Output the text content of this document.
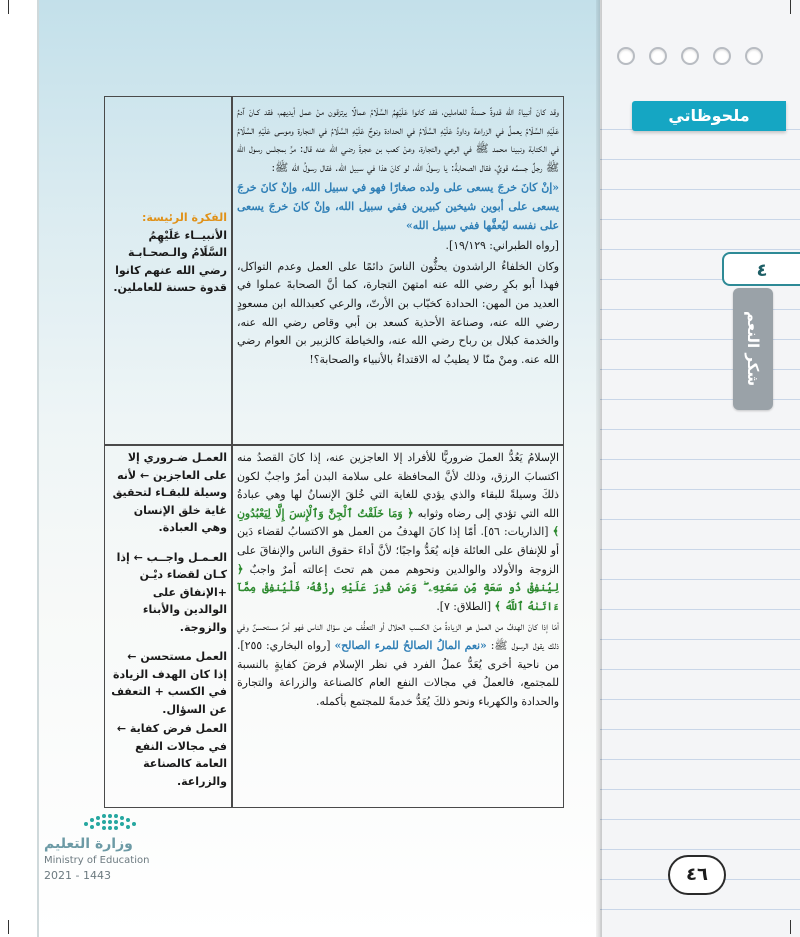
ملحوظاتي
٤
شكر النعم

وقد كانَ أنبياءُ الله قدوةً حسنةً للعاملين، فقد كانوا عَلَيْهِمُ السَّلَامُ عمالًا يرتزقون منْ عمل أيديهم، فقد كـانَ آدمُ عَلَيْهِ السَّلَامُ يعملُ في الزراعة وداودُ عَلَيْهِ السَّلَامُ في الحدادة ونوحٌ عَلَيْهِ السَّلَامُ في النجارة وموسى عَلَيْهِ السَّلَامُ في الكتابة ونبينا محمد ﷺ في الرعي والتجارة، وعنْ كعب بن عجرةَ رضي الله عنه قال: مرَّ بمجلس رسول الله ﷺ رجلٌ جسمُه قويٌ، فقال الصحابةُ: يا رسولَ الله، لو كانَ هذا في سبيل الله. فقال رسولُ الله ﷺ:

«إنْ كانَ خرجَ يسعى على ولده صغارًا فهو في سبيل الله، وإنْ كانَ خرجَ يسعى على أبوين شيخين كبيرين ففي سبيل الله، وإنْ كانَ خرجَ يسعى على نفسه ليُعفَّها ففي سبيل الله»

[رواه الطبراني: ١٩/١٢٩].

وكان الخلفاءُ الراشدون يحثُّون الناسَ دائمًا على العمل وعدم التواكل، فهذا أبو بكرٍ رضي الله عنه امتهنَ التجارة، كما أنَّ الصحابةَ عملوا في العديد من المهن: الحدادة كخبّاب بن الأرتّ، والرعي كعبدالله ابن مسعودٍ رضي الله عنه، وصناعة الأحذية كسعد بن أبي وقاص رضي الله عنه، والخدمة كبلال بن رباح رضي الله عنه، والخياطة كالزبير بن العوام رضي الله عنه. ومنْ منّا لا يطيبُ له الاقتداءُ بالأنبياء والصحابة؟!

الفكرة الرئيسة:
الأنبيــاء عَلَيْهِمُ السَّلَامُ والـصحـابـة رضي الله عنهم كانوا قدوة حسنة للعاملين.
الإسلامُ يَعُدُّ العملَ ضروريًّا للأفراد إلا العاجزين عنه، إذا كانَ القصدُ منه اكتسابَ الرزق، وذلك لأنَّ المحافظة على سلامة البدن أمرٌ واجبٌ لكون ذلكَ وسيلةً للبقاء والذي يؤدي للغاية التي خُلقَ الإنسانُ لها وهي عبادةُ الله التي تؤدي إلى رضاه وثوابه ﴿ وَمَا خَلَقْتُ ٱلْجِنَّ وَٱلْإِنسَ إِلَّا لِيَعْبُدُونِ ﴾ [الذاريات: ٥٦]. أمّا إذا كانَ الهدفُ من العمل هو الاكتسابُ لقضاء دَين أو للإنفاق على العائلة فإنه يُعَدُّ واجبًا؛ لأنَّ أداءَ حقوق الناس والإنفاقَ على الزوجة والأولاد والوالدين ونحوهم ممن هم تحتَ إعالته أمرٌ واجبٌ ﴿ لِيُنفِقْ ذُو سَعَةٍ مِّن سَعَتِهِۦ ۖ وَمَن قُدِرَ عَلَيْهِ رِزْقُهُۥ فَلْيُنفِقْ مِمَّآ ءَاتَىٰهُ ٱللَّهُ ﴾ [الطلاق: ٧].
أمّا إذا كانَ الهدفُ من العمل هو الزيادةُ منَ الكسب الحلال أو التعفُّف عن سؤال الناس فهو أمرٌ مستحسنٌ وفي ذلك يقول الرسول ﷺ: «نعم المالُ الصالحُ للمرء الصالح» [رواه البخاري: ٢٥٥]. من ناحية أخرى يُعَدُّ عملُ الفرد في نظر الإسلام فرضَ كفايةٍ بالنسبة للمجتمع، فالعملُ في مجالات النفع العام كالصناعة والزراعة والتجارة والحدادة والكهرباء ونحو ذلكَ يُعَدُّ خدمةً للمجتمع بأكمله.

العمـل ضـروري إلا على العاجزين ← لأنه وسيلة للبقـاء لتحقيق غاية خلق الإنسان وهي العبادة.

العـمـل واجــب ← إذا كـان لقضاء ديْـن +الإنفاق على الوالدين والأبناء والزوجة.

العمل مستحسن ← إذا كان الهدف الزيادة في الكسب + التعفف عن السؤال.

العمل فرض كفاية ← في مجالات النفع العامة كالصناعة والزراعة.

وزارة التعليم
Ministry of Education
2021 - 1443	٤٦
